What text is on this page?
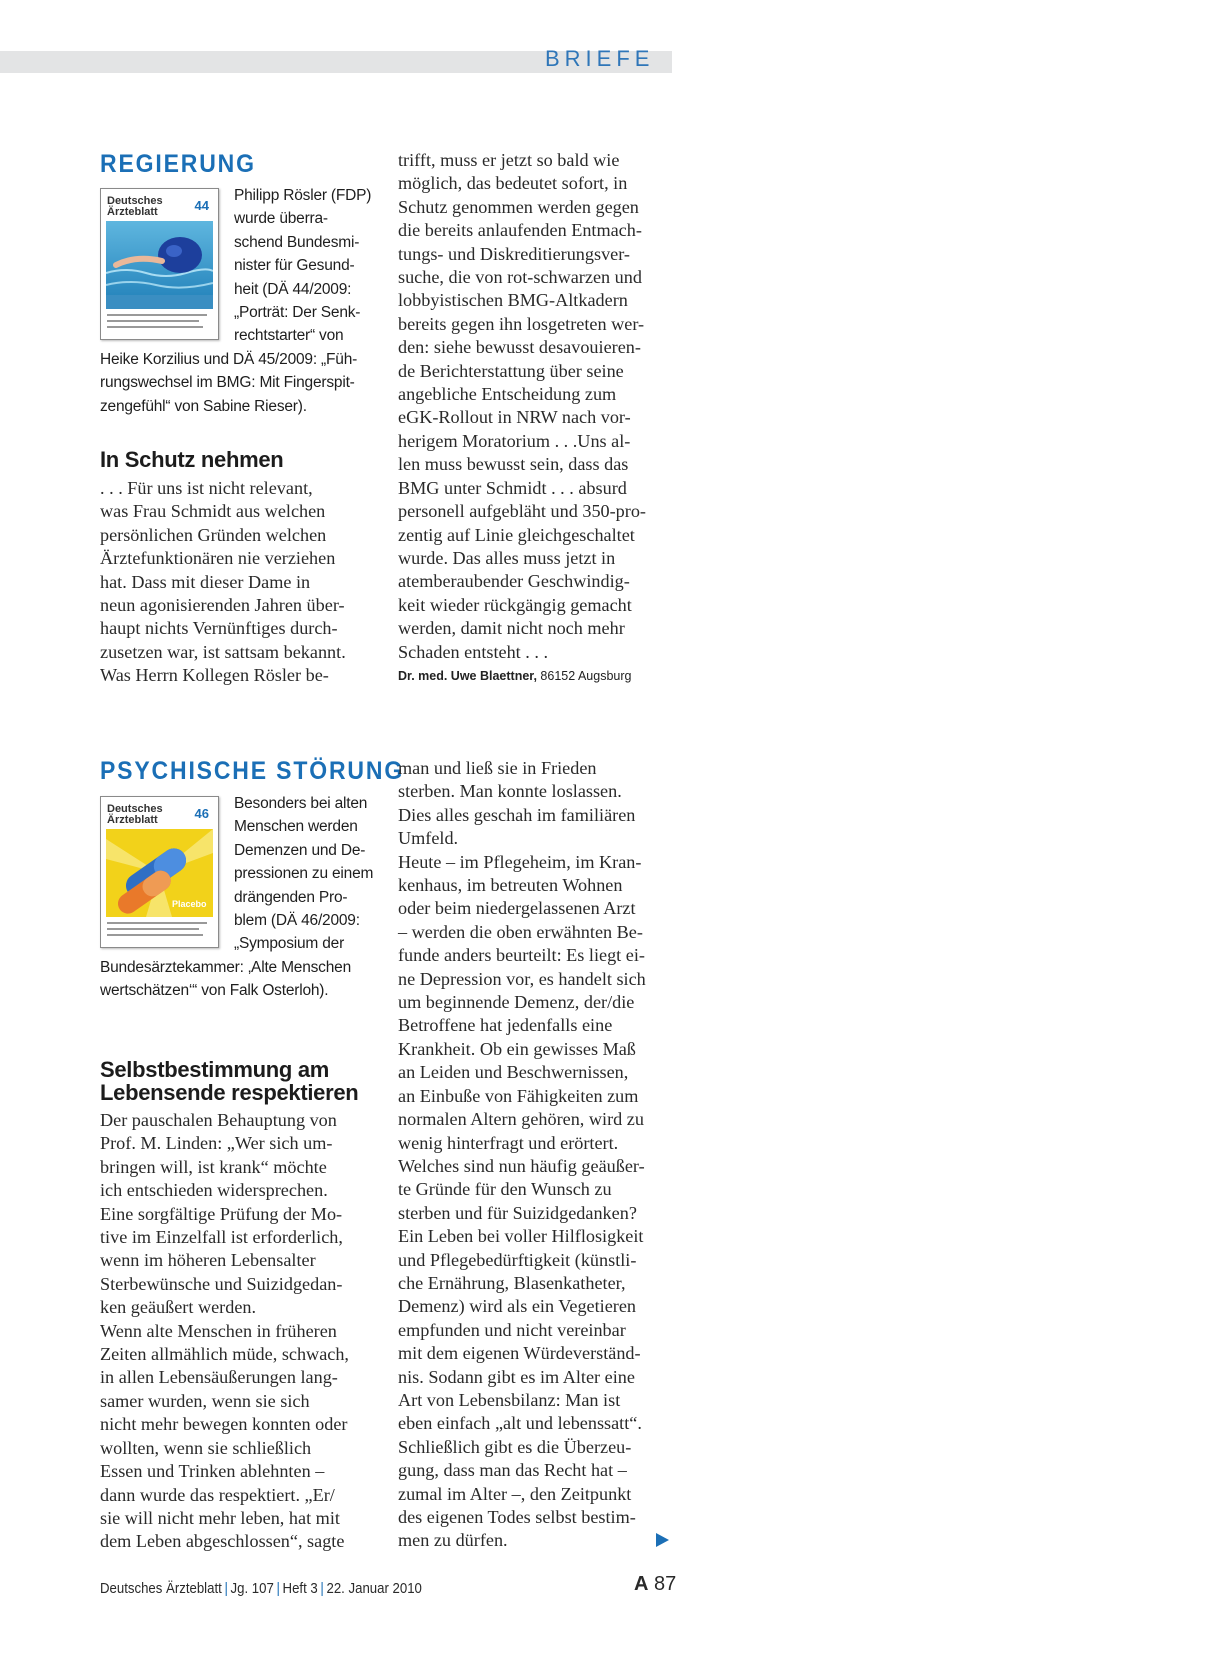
BRIEFE
REGIERUNG
Deutsches
Ärzteblatt	44
Philipp Rösler (FDP)
wurde überra-
schend Bundesmi-
nister für Gesund-
heit (DÄ 44/2009:
„Porträt: Der Senk-
rechtstarter“ von
Heike Korzilius und DÄ 45/2009: „Füh-
rungswechsel im BMG: Mit Fingerspit-
zengefühl“ von Sabine Rieser).
In Schutz nehmen
. . . Für uns ist nicht relevant,
was Frau Schmidt aus welchen
persönlichen Gründen welchen
Ärztefunktionären nie verziehen
hat. Dass mit dieser Dame in
neun agonisierenden Jahren über-
haupt nichts Vernünftiges durch-
zusetzen war, ist sattsam bekannt.
Was Herrn Kollegen Rösler be-
trifft, muss er jetzt so bald wie
möglich, das bedeutet sofort, in
Schutz genommen werden gegen
die bereits anlaufenden Entmach-
tungs- und Diskreditierungsver-
suche, die von rot-schwarzen und
lobbyistischen BMG-Altkadern
bereits gegen ihn losgetreten wer-
den: siehe bewusst desavouieren-
de Berichterstattung über seine
angebliche Entscheidung zum
eGK-Rollout in NRW nach vor-
herigem Moratorium . . .Uns al-
len muss bewusst sein, dass das
BMG unter Schmidt . . . absurd
personell aufgebläht und 350-pro-
zentig auf Linie gleichgeschaltet
wurde. Das alles muss jetzt in
atemberaubender Geschwindig-
keit wieder rückgängig gemacht
werden, damit nicht noch mehr
Schaden entsteht . . .
Dr. med. Uwe Blaettner, 86152 Augsburg
PSYCHISCHE STÖRUNG
Deutsches
Ärzteblatt	46
Placebo
Besonders bei alten
Menschen werden
Demenzen und De-
pressionen zu einem
drängenden Pro-
blem (DÄ 46/2009:
„Symposium der
Bundesärztekammer: ‚Alte Menschen
wertschätzen‘“ von Falk Osterloh).
Selbstbestimmung am
Lebensende respektieren
Der pauschalen Behauptung von
Prof. M. Linden: „Wer sich um-
bringen will, ist krank“ möchte
ich entschieden widersprechen.
Eine sorgfältige Prüfung der Mo-
tive im Einzelfall ist erforderlich,
wenn im höheren Lebensalter
Sterbewünsche und Suizidgedan-
ken geäußert werden.
Wenn alte Menschen in früheren
Zeiten allmählich müde, schwach,
in allen Lebensäußerungen lang-
samer wurden, wenn sie sich
nicht mehr bewegen konnten oder
wollten, wenn sie schließlich
Essen und Trinken ablehnten –
dann wurde das respektiert. „Er/
sie will nicht mehr leben, hat mit
dem Leben abgeschlossen“, sagte
man und ließ sie in Frieden
sterben. Man konnte loslassen.
Dies alles geschah im familiären
Umfeld.
Heute – im Pflegeheim, im Kran-
kenhaus, im betreuten Wohnen
oder beim niedergelassenen Arzt
– werden die oben erwähnten Be-
funde anders beurteilt: Es liegt ei-
ne Depression vor, es handelt sich
um beginnende Demenz, der/die
Betroffene hat jedenfalls eine
Krankheit. Ob ein gewisses Maß
an Leiden und Beschwernissen,
an Einbuße von Fähigkeiten zum
normalen Altern gehören, wird zu
wenig hinterfragt und erörtert.
Welches sind nun häufig geäußer-
te Gründe für den Wunsch zu
sterben und für Suizidgedanken?
Ein Leben bei voller Hilflosigkeit
und Pflegebedürftigkeit (künstli-
che Ernährung, Blasenkatheter,
Demenz) wird als ein Vegetieren
empfunden und nicht vereinbar
mit dem eigenen Würdeverständ-
nis. Sodann gibt es im Alter eine
Art von Lebensbilanz: Man ist
eben einfach „alt und lebenssatt“.
Schließlich gibt es die Überzeu-
gung, dass man das Recht hat –
zumal im Alter –, den Zeitpunkt
des eigenen Todes selbst bestim-
men zu dürfen.
Deutsches Ärzteblatt | Jg. 107 | Heft 3 | 22. Januar 2010	A 87
